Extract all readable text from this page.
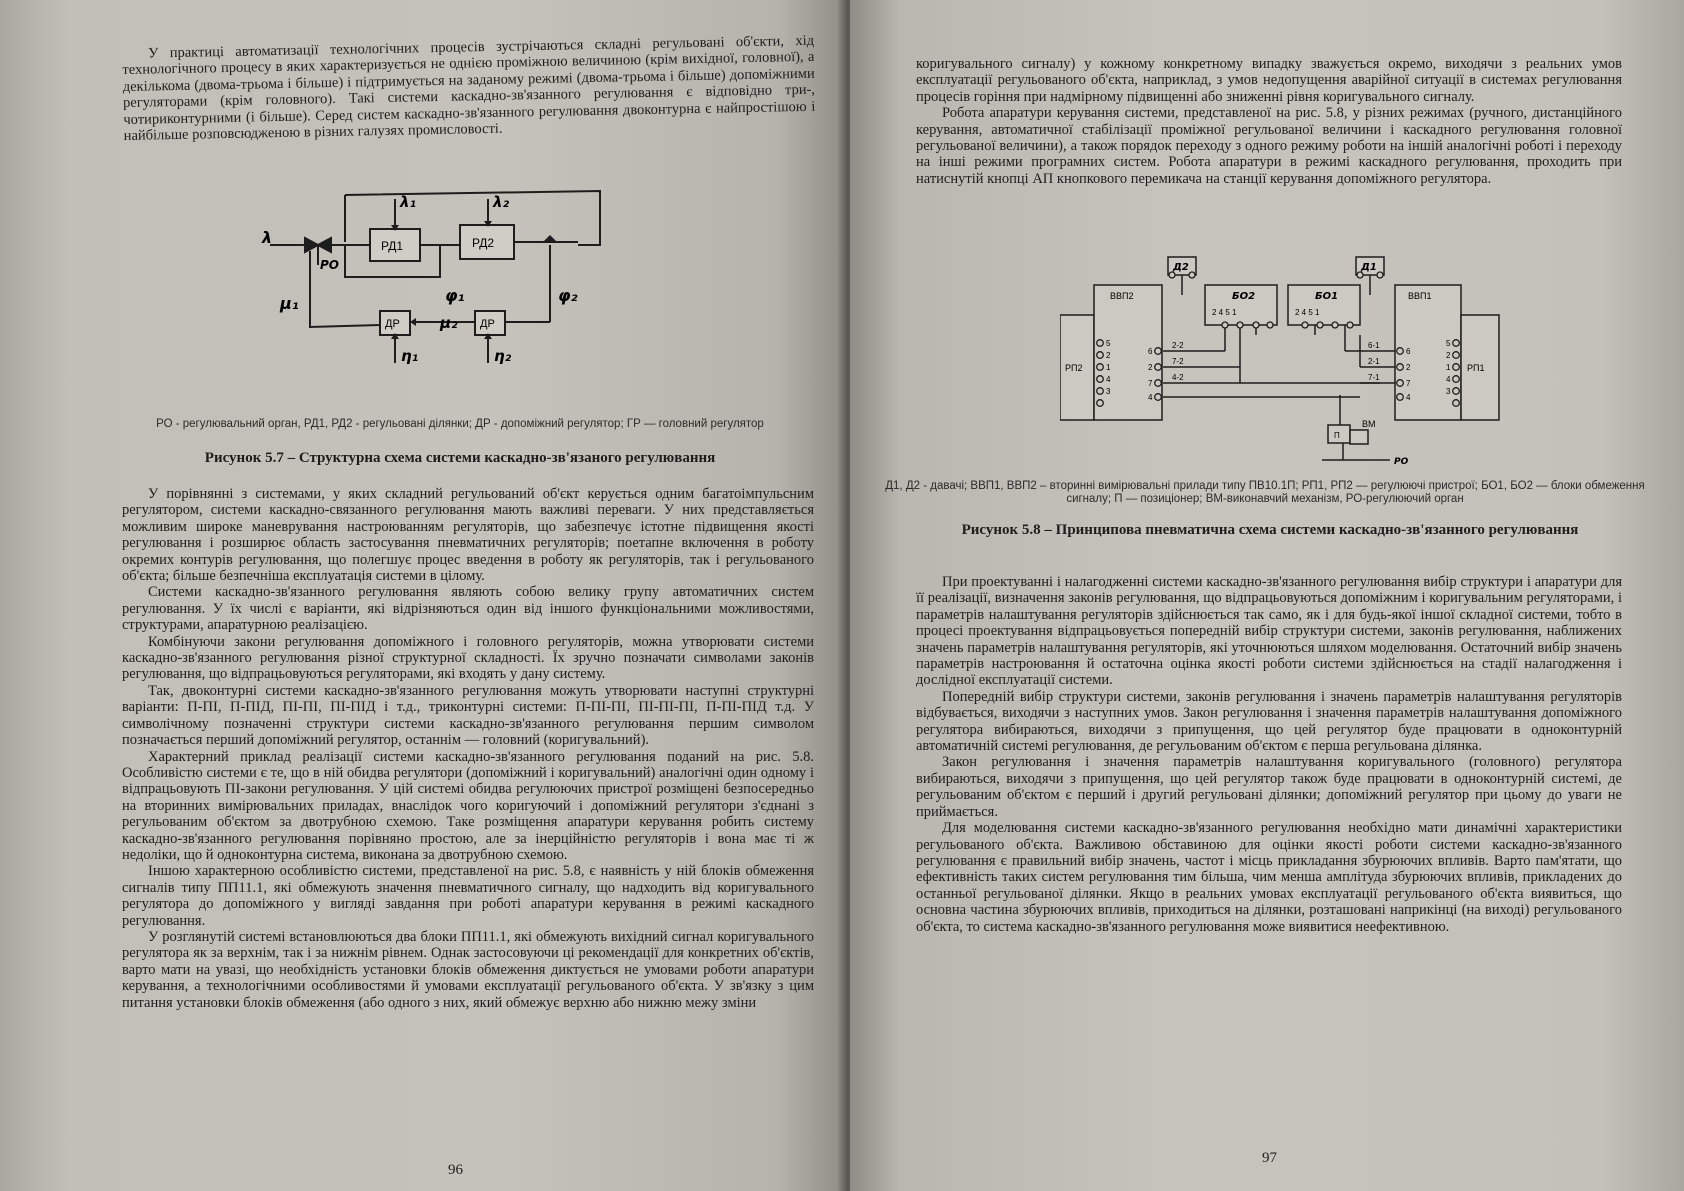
У практиці автоматизації технологічних процесів зустрічаються складні регульовані об'єкти, хід технологічного процесу в яких характеризується не однією проміжною величиною (крім вихідної, головної), а декількома (двома-трьома і більше) і підтримується на заданому режимі (двома-трьома і більше) допоміжними регуляторами (крім головного). Такі системи каскадно-зв'язанного регулювання є відповідно три-, чотириконтурними (і більше). Серед систем каскадно-зв'язанного регулювання двоконтурна є найпростішою і найбільше розповсюдженою в різних галузях промисловості.

λ
λ₁	λ₂
РД1	РД2
РО
φ₁	φ₂
μ₁
μ₂
ДР	ДР
η₁	η₂
РО - регулювальний орган, РД1, РД2 - регульовані ділянки; ДР - допоміжний регулятор; ГР — головний регулятор
Рисунок 5.7 – Структурна схема системи каскадно-зв'язаного регулювання

У порівнянні з системами, у яких складний регульований об'єкт керується одним багатоімпульсним регулятором, системи каскадно-связанного регулювання мають важливі переваги. У них представляється можливим широке маневрування настроюванням регуляторів, що забезпечує істотне підвищення якості регулювання і розширює область застосування пневматичних регуляторів; поетапне включення в роботу окремих контурів регулювання, що полегшує процес введення в роботу як регуляторів, так і регульованого об'єкта; більше безпечніша експлуатація системи в цілому.

Системи каскадно-зв'язанного регулювання являють собою велику групу автоматичних систем регулювання. У їх числі є варіанти, які відрізняються один від іншого функціональними можливостями, структурами, апаратурною реалізацією.

Комбінуючи закони регулювання допоміжного і головного регуляторів, можна утворювати системи каскадно-зв'язанного регулювання різної структурної складності. Їх зручно позначати символами законів регулювання, що відпрацьовуються регуляторами, які входять у дану систему.

Так, двоконтурні системи каскадно-зв'язанного регулювання можуть утворювати наступні структурні варіанти: П-ПІ, П-ПІД, ПІ-ПІ, ПІ-ПІД і т.д., триконтурні системи: П-ПІ-ПІ, ПІ-ПІ-ПІ, П-ПІ-ПІД т.д. У символічному позначенні структури системи каскадно-зв'язанного регулювання першим символом позначається перший допоміжний регулятор, останнім — головний (коригувальний).

Характерний приклад реалізації системи каскадно-зв'язанного регулювання поданий на рис. 5.8. Особливістю системи є те, що в ній обидва регулятори (допоміжний і коригувальний) аналогічні один одному і відпрацьовують ПІ-закони регулювання. У цій системі обидва регулюючих пристрої розміщені безпосередньо на вторинних вимірювальних приладах, внаслідок чого коригуючий і допоміжний регулятори з'єднані з регульованим об'єктом за двотрубною схемою. Таке розміщення апаратури керування робить систему каскадно-зв'язанного регулювання порівняно простою, але за інерційністю регуляторів і вона має ті ж недоліки, що й одноконтурна система, виконана за двотрубною схемою.

Іншою характерною особливістю системи, представленої на рис. 5.8, є наявність у ній блоків обмеження сигналів типу ПП11.1, які обмежують значення пневматичного сигналу, що надходить від коригувального регулятора до допоміжного у вигляді завдання при роботі апаратури керування в режимі каскадного регулювання.

У розглянутій системі встановлюються два блоки ПП11.1, які обмежують вихідний сигнал коригувального регулятора як за верхнім, так і за нижнім рівнем. Однак застосовуючи ці рекомендації для конкретних об'єктів, варто мати на увазі, що необхідність установки блоків обмеження диктується не умовами роботи апаратури керування, а технологічними особливостями й умовами експлуатації регульованого об'єкта. У зв'язку з цим питання установки блоків обмеження (або одного з них, який обмежує верхню або нижню межу зміни

96

коригувального сигналу) у кожному конкретному випадку зважується окремо, виходячи з реальних умов експлуатації регульованого об'єкта, наприклад, з умов недопущення аварійної ситуації в системах регулювання процесів горіння при надмірному підвищенні або зниженні рівня коригувального сигналу.

Робота апаратури керування системи, представленої на рис. 5.8, у різних режимах (ручного, дистанційного керування, автоматичної стабілізації проміжної регульованої величини і каскадного регулювання головної регульованої величини), а також порядок переходу з одного режиму роботи на іншій аналогічні роботі і переходу на інші режими програмних систем. Робота апаратури в режимі каскадного регулювання, проходить при натиснутій кнопці АП кнопкового перемикача на станції керування допоміжного регулятора.

Д2	Д1
ВВП2	ВВП1
РП2	РП1
БО2	БО1
2 4 5 1	2 4 5 1
5
2
1
4
3
6
2
7
4
6
2
7
4
5
2
1
4
3
2-2
7-2
4-2
6-1
2-1
7-1
П
ВМ
РО
Д1, Д2 - давачі; ВВП1, ВВП2 – вторинні вимірювальні прилади типу ПВ10.1П; РП1, РП2 — регулюючі пристрої; БО1, БО2 — блоки обмеження сигналу; П — позиціонер; ВМ-виконавчий механізм, РО-регулюючий орган
Рисунок 5.8 – Принципова пневматична схема системи каскадно-зв'язанного регулювання

При проектуванні і налагодженні системи каскадно-зв'язанного регулювання вибір структури і апаратури для її реалізації, визначення законів регулювання, що відпрацьовуються допоміжним і коригувальним регуляторами, і параметрів налаштування регуляторів здійснюється так само, як і для будь-якої іншої складної системи, тобто в процесі проектування відпрацьовується попередній вибір структури системи, законів регулювання, наближених значень параметрів налаштування регуляторів, які уточнюються шляхом моделювання. Остаточний вибір значень параметрів настроювання й остаточна оцінка якості роботи системи здійснюється на стадії налагодження і дослідної експлуатації системи.

Попередній вибір структури системи, законів регулювання і значень параметрів налаштування регуляторів відбувається, виходячи з наступних умов. Закон регулювання і значення параметрів налаштування допоміжного регулятора вибираються, виходячи з припущення, що цей регулятор буде працювати в одноконтурній автоматичній системі регулювання, де регульованим об'єктом є перша регульована ділянка.

Закон регулювання і значення параметрів налаштування коригувального (головного) регулятора вибираються, виходячи з припущення, що цей регулятор також буде працювати в одноконтурній системі, де регульованим об'єктом є перший і другий регульовані ділянки; допоміжний регулятор при цьому до уваги не приймається.

Для моделювання системи каскадно-зв'язанного регулювання необхідно мати динамічні характеристики регульованого об'єкта. Важливою обставиною для оцінки якості роботи системи каскадно-зв'язанного регулювання є правильний вибір значень, частот і місць прикладання збурюючих впливів. Варто пам'ятати, що ефективність таких систем регулювання тим більша, чим менша амплітуда збурюючих впливів, прикладених до останньої регульованої ділянки. Якщо в реальних умовах експлуатації регульованого об'єкта виявиться, що основна частина збурюючих впливів, приходиться на ділянки, розташовані наприкінці (на виході) регульованого об'єкта, то система каскадно-зв'язанного регулювання може виявитися неефективною.

97
